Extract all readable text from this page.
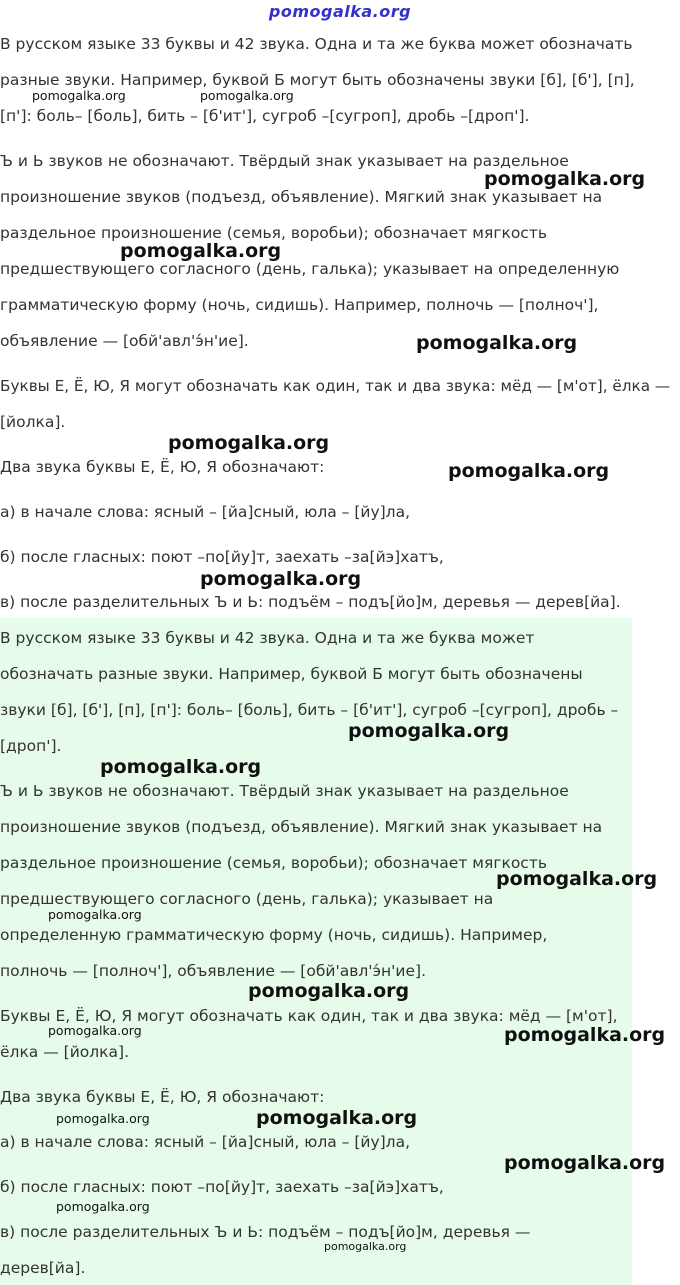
pomogalka.org
В русском языке 33 буквы и 42 звука. Одна и та же буква может обозначать
разные звуки. Например, буквой Б могут быть обозначены звуки [б], [б'], [п],
[п']: боль– [боль], бить – [б'ит'], сугроб –[сугроп], дробь –[дроп'].
Ъ и Ь звуков не обозначают. Твёрдый знак указывает на раздельное
произношение звуков (подъезд, объявление). Мягкий знак указывает на
раздельное произношение (семья, воробьи); обозначает мягкость
предшествующего согласного (день, галька); указывает на определенную
грамматическую форму (ночь, сидишь). Например, полночь — [полноч'],
объявление — [обй'авл'э́н'ие].
Буквы Е, Ё, Ю, Я могут обозначать как один, так и два звука: мёд — [м'от], ёлка —
[йолка].
Два звука буквы Е, Ё, Ю, Я обозначают:
а) в начале слова: ясный – [йа]сный, юла – [йу]ла,
б) после гласных: поют –по[йу]т, заехать –за[йэ]хатъ,
в) после разделительных Ъ и Ь: подъём – подъ[йо]м, деревья — дерев[йа].
В русском языке 33 буквы и 42 звука. Одна и та же буква может
обозначать разные звуки. Например, буквой Б могут быть обозначены
звуки [б], [б'], [п], [п']: боль– [боль], бить – [б'ит'], сугроб –[сугроп], дробь –
[дроп'].
Ъ и Ь звуков не обозначают. Твёрдый знак указывает на раздельное
произношение звуков (подъезд, объявление). Мягкий знак указывает на
раздельное произношение (семья, воробьи); обозначает мягкость
предшествующего согласного (день, галька); указывает на
определенную грамматическую форму (ночь, сидишь). Например,
полночь — [полноч'], объявление — [обй'авл'э́н'ие].
Буквы Е, Ё, Ю, Я могут обозначать как один, так и два звука: мёд — [м'от],
ёлка — [йолка].
Два звука буквы Е, Ё, Ю, Я обозначают:
а) в начале слова: ясный – [йа]сный, юла – [йу]ла,
б) после гласных: поют –по[йу]т, заехать –за[йэ]хатъ,
в) после разделительных Ъ и Ь: подъём – подъ[йо]м, деревья —
дерев[йа].
pomogalka.org	pomogalka.org
pomogalka.org
pomogalka.org
pomogalka.org
pomogalka.org
pomogalka.org
pomogalka.org
pomogalka.org
pomogalka.org
pomogalka.org
pomogalka.org
pomogalka.org
pomogalka.org	pomogalka.org
pomogalka.org	pomogalka.org
pomogalka.org
pomogalka.org
pomogalka.org
